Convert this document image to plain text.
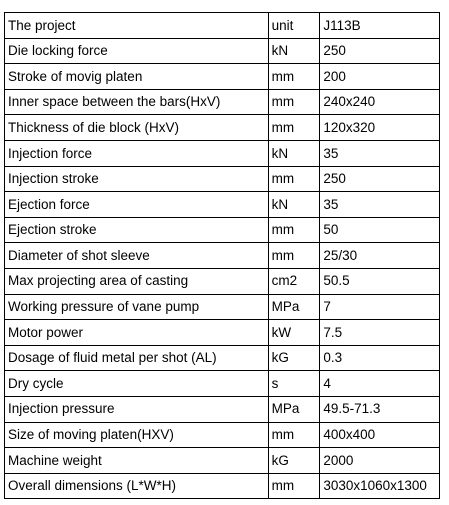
The project	unit	J113B
Die locking force	kN	250
Stroke of movig platen	mm	200
Inner space between the bars(HxV)	mm	240x240
Thickness of die block (HxV)	mm	120x320
Injection force	kN	35
Injection stroke	mm	250
Ejection force	kN	35
Ejection stroke	mm	50
Diameter of shot sleeve	mm	25/30
Max projecting area of casting	cm2	50.5
Working pressure of vane pump	MPa	7
Motor power	kW	7.5
Dosage of fluid metal per shot (AL)	kG	0.3
Dry cycle	s	4
Injection pressure	MPa	49.5-71.3
Size of moving platen(HXV)	mm	400x400
Machine weight	kG	2000
Overall dimensions (L*W*H)	mm	3030x1060x1300
